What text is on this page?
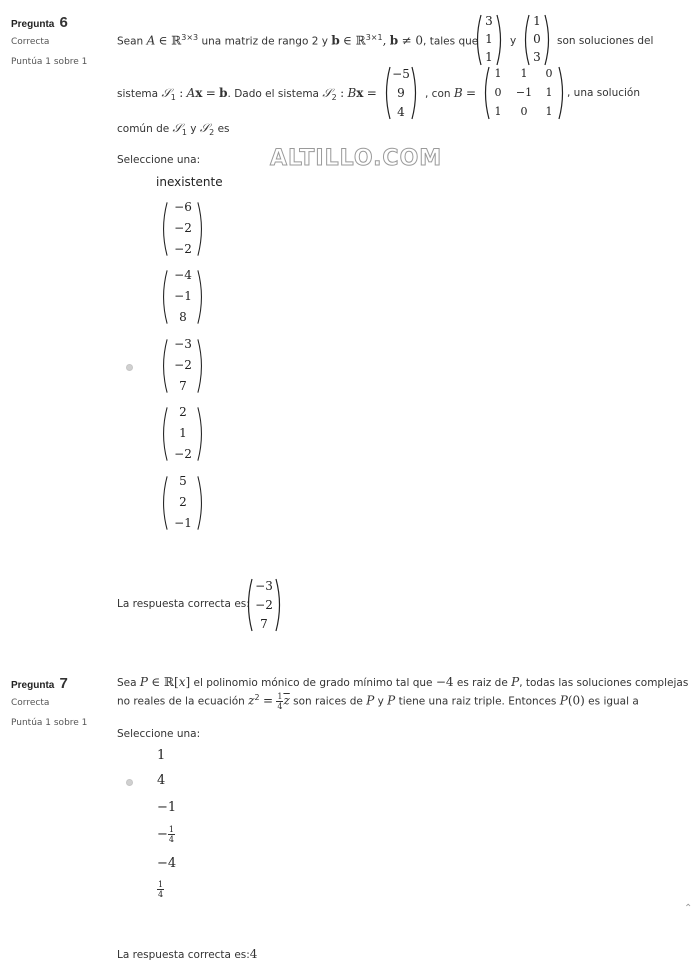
Pregunta 6
Correcta
Puntúa 1 sobre 1
Sean A ∈ ℝ$^{3\times 3}$ una matriz de rango 2 y b ∈ ℝ$^{3\times 1}$, b ≠ 0, tales que
3
1
1
y
1
0
3
son soluciones del
sistema 𝒮$_1$ : Ax = b. Dado el sistema 𝒮$_2$ : Bx =
−5
9
4
, con B =
1	1	0
0	−1	1
1	0	1
, una solución
común de 𝒮$_1$ y 𝒮$_2$ es
Seleccione una:	ALTILLO.COM
inexistente
−6
−2
−2
−4
−1
8
−3
−2
7
2
1
−2
5
2
−1
La respuesta correcta es:
−3
−2
7
Pregunta 7
Correcta
Puntúa 1 sobre 1
Sea P ∈ ℝ[x] el polinomio mónico de grado mínimo tal que −4 es raiz de P, todas las soluciones complejas
no reales de la ecuación $z^2 = \frac{1}{4} \overline{z}$ son raices de P y P tiene una raiz triple. Entonces P(0) es igual a
Seleccione una:
1
4
−1
− $\frac{1}{4}$
−4
$\frac{1}{4}$
⌃
La respuesta correcta es:4
